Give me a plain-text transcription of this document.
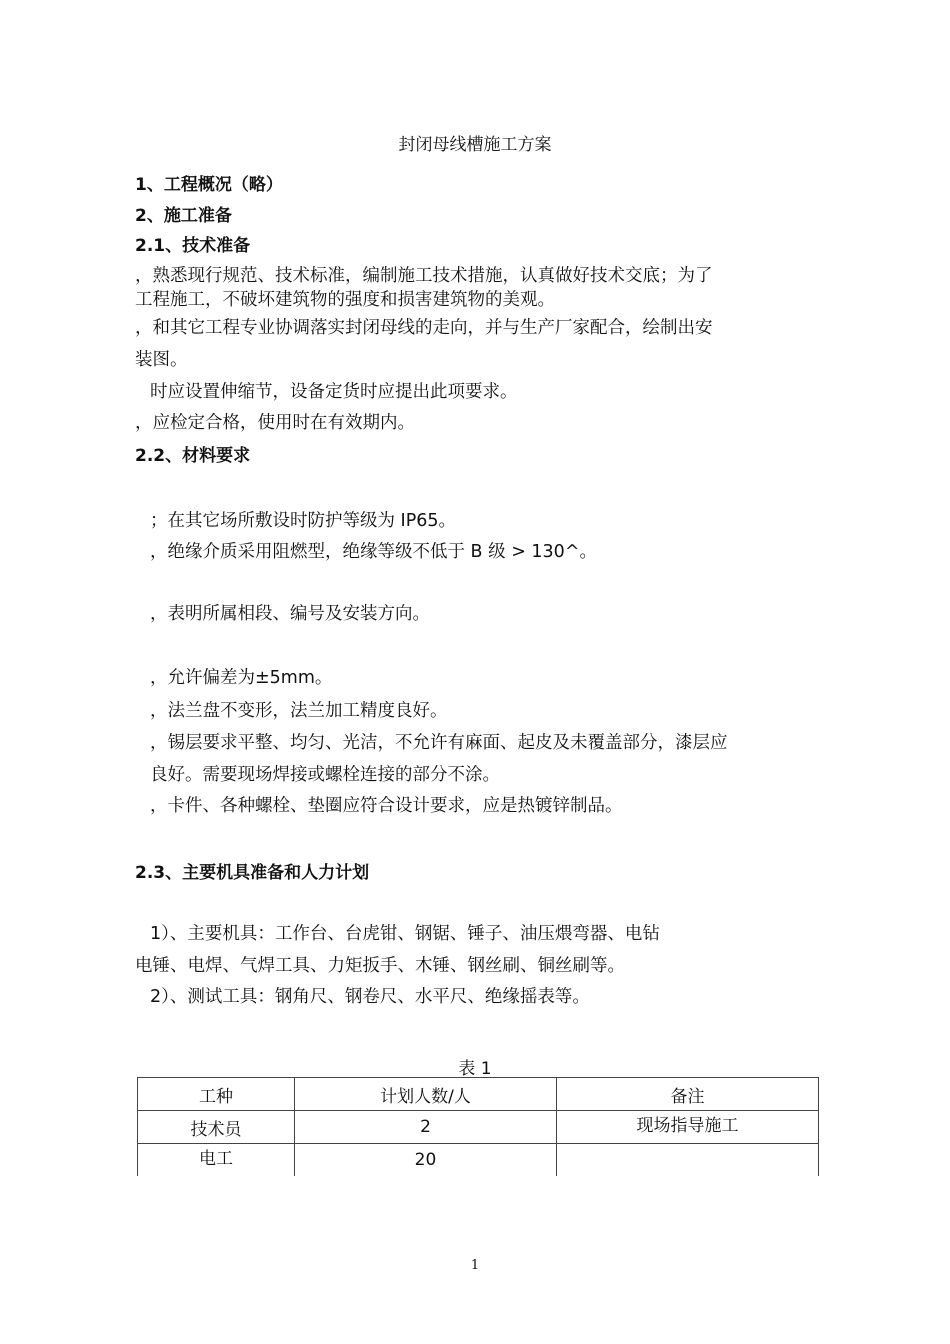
封闭母线槽施工方案
1、工程概况（略）
2、施工准备
2.1、技术准备
，熟悉现行规范、技术标准，编制施工技术措施，认真做好技术交底；为了
工程施工，不破坏建筑物的强度和损害建筑物的美观。
，和其它工程专业协调落实封闭母线的走向，并与生产厂家配合，绘制出安
装图。
时应设置伸缩节，设备定货时应提出此项要求。
，应检定合格，使用时在有效期内。
2.2、材料要求
；在其它场所敷设时防护等级为 IP65。
，绝缘介质采用阻燃型，绝缘等级不低于 B 级 > 130^。
，表明所属相段、编号及安装方向。
，允许偏差为±5mm。
，法兰盘不变形，法兰加工精度良好。
，锡层要求平整、均匀、光洁，不允许有麻面、起皮及未覆盖部分，漆层应
良好。需要现场焊接或螺栓连接的部分不涂。
，卡件、各种螺栓、垫圈应符合设计要求，应是热镀锌制品。
2.3、主要机具准备和人力计划
1）、主要机具：工作台、台虎钳、钢锯、锤子、油压煨弯器、电钻
电锤、电焊、气焊工具、力矩扳手、木锤、钢丝刷、铜丝刷等。
2）、测试工具：钢角尺、钢卷尺、水平尺、绝缘摇表等。
表 1
工种	计划人数/人	备注
技术员	2	现场指导施工
电工	20	
1
